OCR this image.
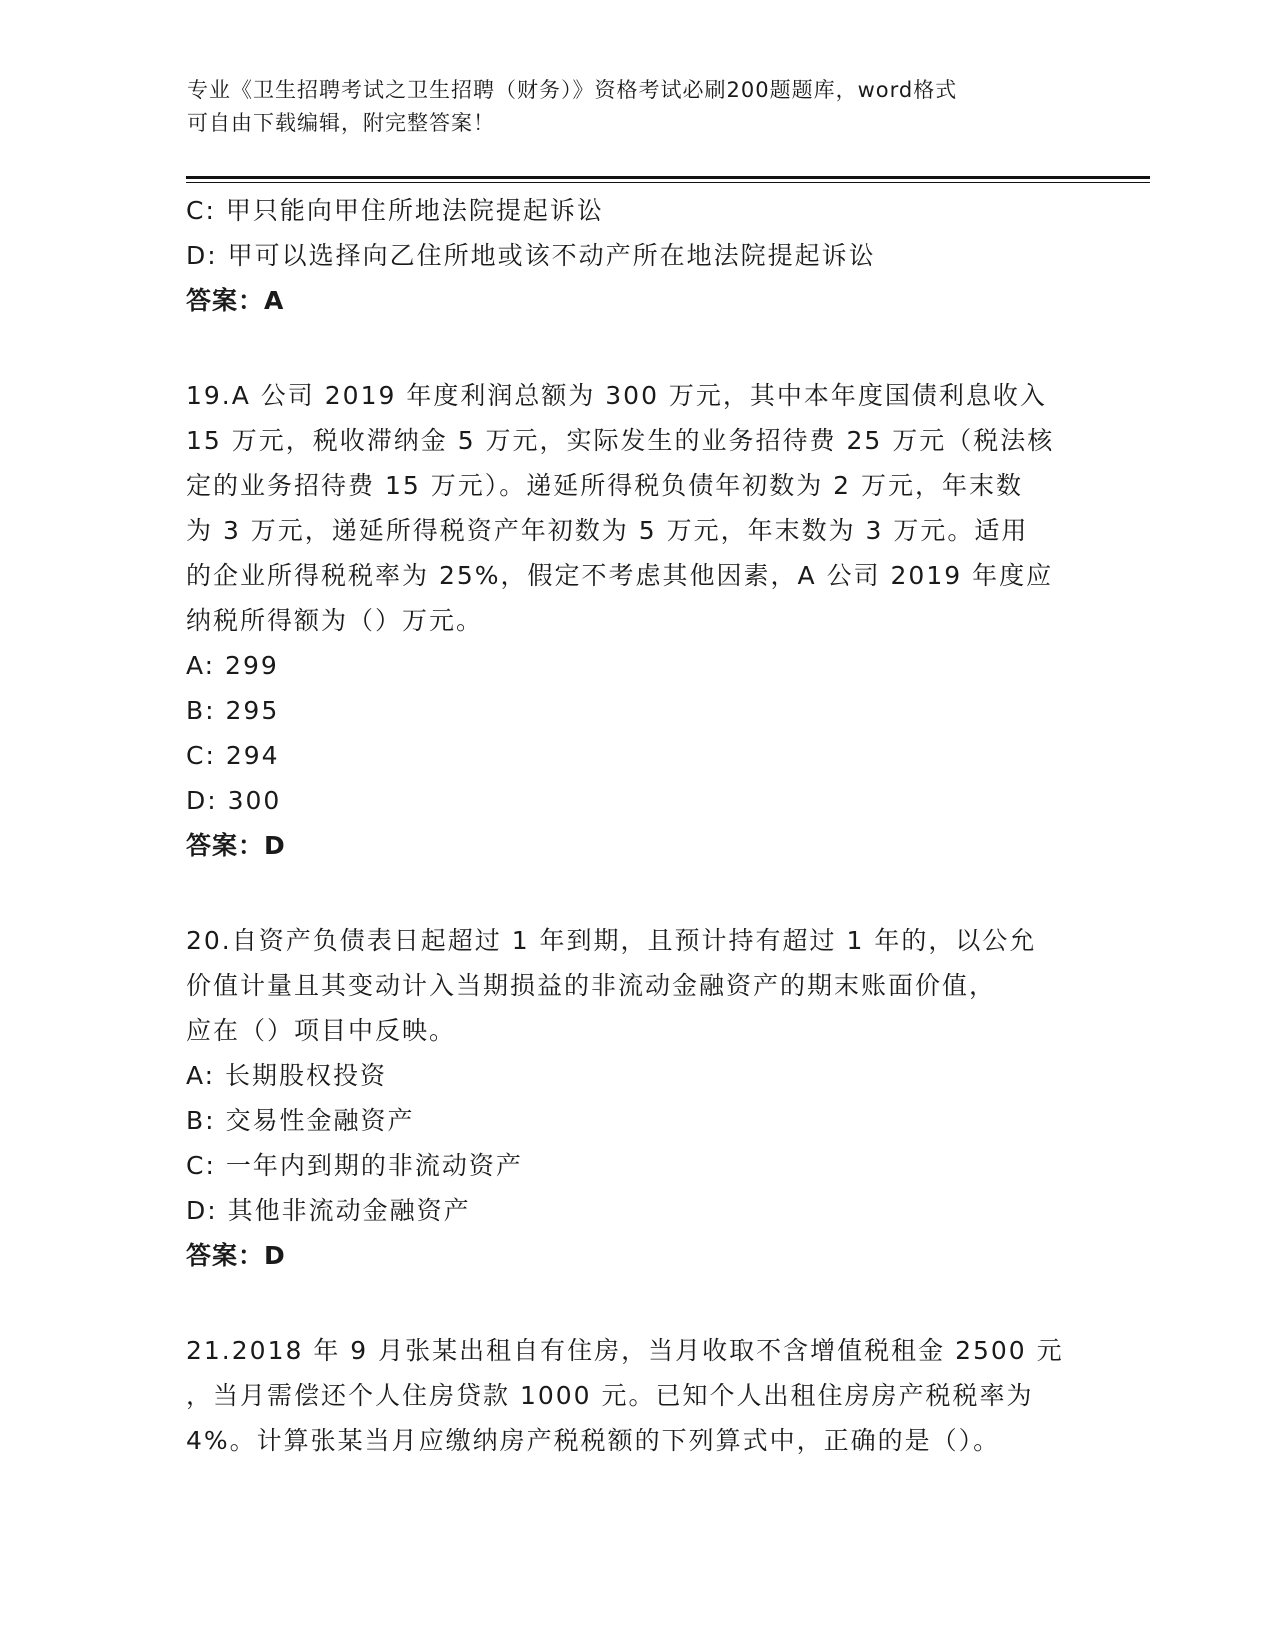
专业《卫生招聘考试之卫生招聘（财务）》资格考试必刷200题题库，word格式
可自由下载编辑，附完整答案！
C: 甲只能向甲住所地法院提起诉讼
D: 甲可以选择向乙住所地或该不动产所在地法院提起诉讼
答案：A
19.A 公司 2019 年度利润总额为 300 万元，其中本年度国债利息收入
15 万元，税收滞纳金 5 万元，实际发生的业务招待费 25 万元（税法核
定的业务招待费 15 万元）。递延所得税负债年初数为 2 万元，年末数
为 3 万元，递延所得税资产年初数为 5 万元，年末数为 3 万元。适用
的企业所得税税率为 25%，假定不考虑其他因素，A 公司 2019 年度应
纳税所得额为（）万元。
A: 299
B: 295
C: 294
D: 300
答案：D
20.自资产负债表日起超过 1 年到期，且预计持有超过 1 年的，以公允
价值计量且其变动计入当期损益的非流动金融资产的期末账面价值，
应在（）项目中反映。
A: 长期股权投资
B: 交易性金融资产
C: 一年内到期的非流动资产
D: 其他非流动金融资产
答案：D
21.2018 年 9 月张某出租自有住房，当月收取不含增值税租金 2500 元
，当月需偿还个人住房贷款 1000 元。已知个人出租住房房产税税率为
4%。计算张某当月应缴纳房产税税额的下列算式中，正确的是（）。
